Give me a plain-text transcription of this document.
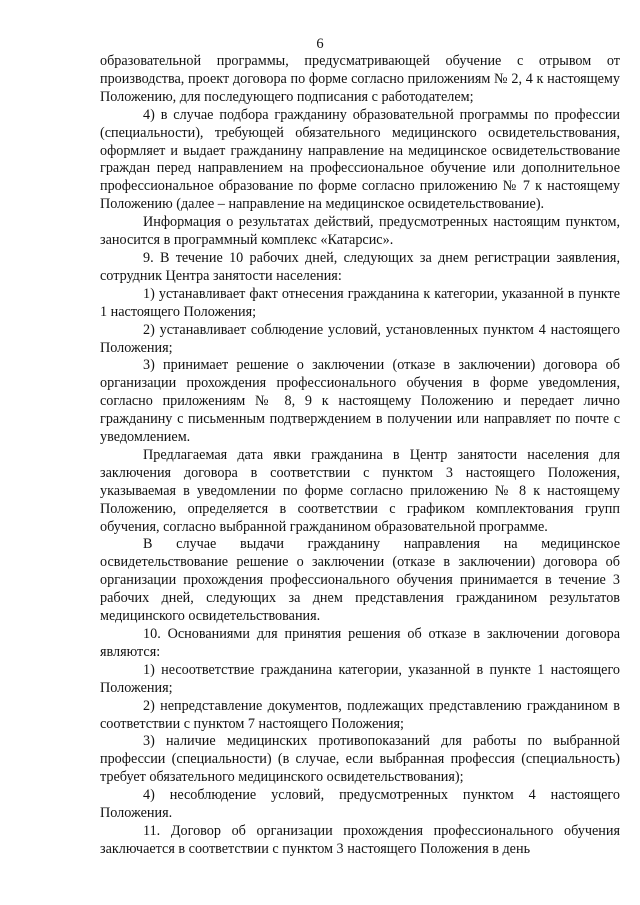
6

образовательной программы, предусматривающей обучение с отрывом от производства, проект договора по форме согласно приложениям № 2, 4 к настоящему Положению, для последующего подписания с работодателем;

4) в случае подбора гражданину образовательной программы по профессии (специальности), требующей обязательного медицинского освидетельствования, оформляет и выдает гражданину направление на медицинское освидетельствование граждан перед направлением на профессиональное обучение или дополнительное профессиональное образование по форме согласно приложению № 7 к настоящему Положению (далее – направление на медицинское освидетельствование).

Информация о результатах действий, предусмотренных настоящим пунктом, заносится в программный комплекс «Катарсис».

9. В течение 10 рабочих дней, следующих за днем регистрации заявления, сотрудник Центра занятости населения:

1) устанавливает факт отнесения гражданина к категории, указанной в пункте 1 настоящего Положения;

2) устанавливает соблюдение условий, установленных пунктом 4 настоящего Положения;

3) принимает решение о заключении (отказе в заключении) договора об организации прохождения профессионального обучения в форме уведомления, согласно приложениям № 8, 9 к настоящему Положению и передает лично гражданину с письменным подтверждением в получении или направляет по почте с уведомлением.

Предлагаемая дата явки гражданина в Центр занятости населения для заключения договора в соответствии с пунктом 3 настоящего Положения, указываемая в уведомлении по форме согласно приложению № 8 к настоящему Положению, определяется в соответствии с графиком комплектования групп обучения, согласно выбранной гражданином образовательной программе.

В случае выдачи гражданину направления на медицинское освидетельствование решение о заключении (отказе в заключении) договора об организации прохождения профессионального обучения принимается в течение 3 рабочих дней, следующих за днем представления гражданином результатов медицинского освидетельствования.

10. Основаниями для принятия решения об отказе в заключении договора являются:

1) несоответствие гражданина категории, указанной в пункте 1 настоящего Положения;

2) непредставление документов, подлежащих представлению гражданином в соответствии с пунктом 7 настоящего Положения;

3) наличие медицинских противопоказаний для работы по выбранной профессии (специальности) (в случае, если выбранная профессия (специальность) требует обязательного медицинского освидетельствования);

4) несоблюдение условий, предусмотренных пунктом 4 настоящего Положения.

11. Договор об организации прохождения профессионального обучения заключается в соответствии с пунктом 3 настоящего Положения в день
